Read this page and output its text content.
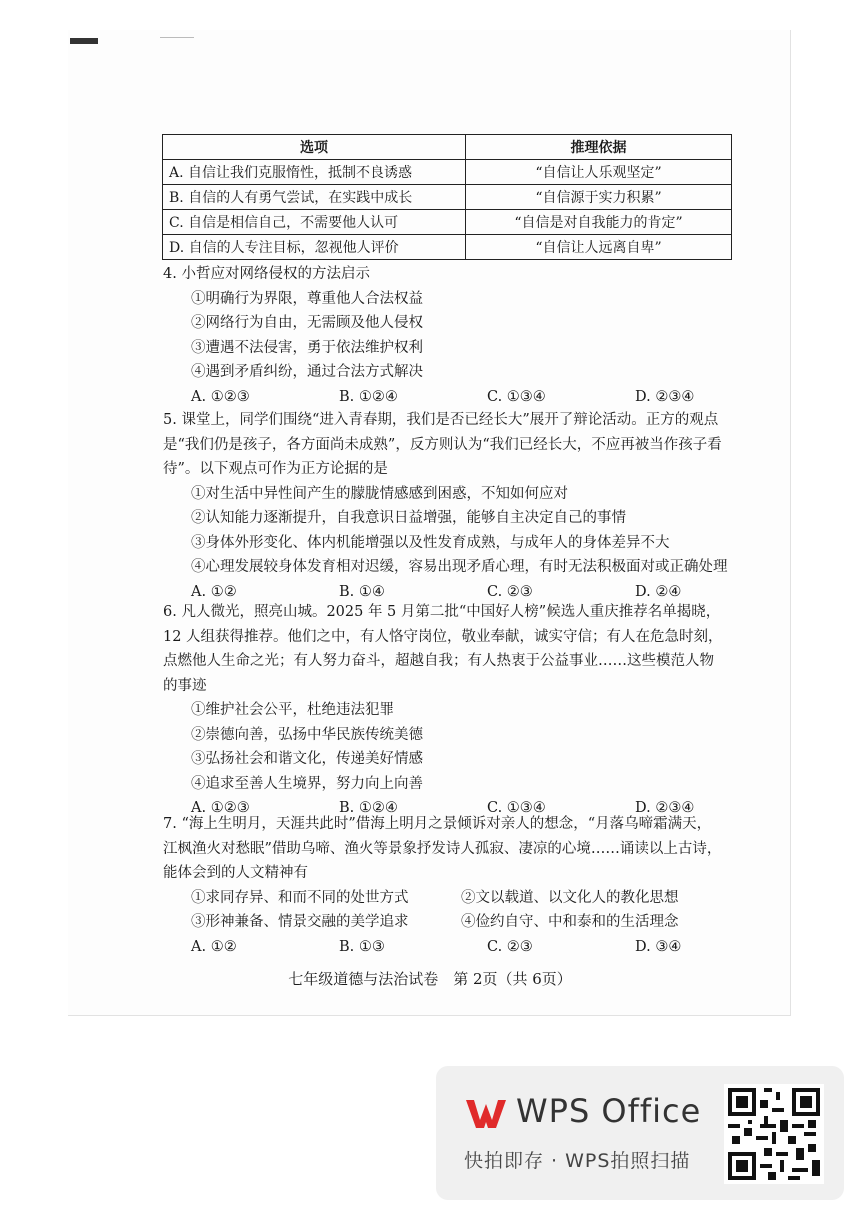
选项	推理依据
A. 自信让我们克服惰性，抵制不良诱惑	“自信让人乐观坚定”
B. 自信的人有勇气尝试，在实践中成长	“自信源于实力积累”
C. 自信是相信自己，不需要他人认可	“自信是对自我能力的肯定”
D. 自信的人专注目标，忽视他人评价	“自信让人远离自卑”
4. 小哲应对网络侵权的方法启示
①明确行为界限，尊重他人合法权益
②网络行为自由，无需顾及他人侵权
③遭遇不法侵害，勇于依法维护权利
④遇到矛盾纠纷，通过合法方式解决
A. ①②③	B. ①②④	C. ①③④	D. ②③④
5. 课堂上，同学们围绕“进入青春期，我们是否已经长大”展开了辩论活动。正方的观点是“我们仍是孩子，各方面尚未成熟”，反方则认为“我们已经长大，不应再被当作孩子看待”。以下观点可作为正方论据的是
①对生活中异性间产生的朦胧情感感到困惑，不知如何应对
②认知能力逐渐提升，自我意识日益增强，能够自主决定自己的事情
③身体外形变化、体内机能增强以及性发育成熟，与成年人的身体差异不大
④心理发展较身体发育相对迟缓，容易出现矛盾心理，有时无法积极面对或正确处理
A. ①②	B. ①④	C. ②③	D. ②④
6. 凡人微光，照亮山城。2025 年 5 月第二批“中国好人榜”候选人重庆推荐名单揭晓，12 人组获得推荐。他们之中，有人恪守岗位，敬业奉献，诚实守信；有人在危急时刻，点燃他人生命之光；有人努力奋斗，超越自我；有人热衷于公益事业……这些模范人物的事迹
①维护社会公平，杜绝违法犯罪
②崇德向善，弘扬中华民族传统美德
③弘扬社会和谐文化，传递美好情感
④追求至善人生境界，努力向上向善
A. ①②③	B. ①②④	C. ①③④	D. ②③④
7. “海上生明月，天涯共此时”借海上明月之景倾诉对亲人的想念，“月落乌啼霜满天，江枫渔火对愁眠”借助乌啼、渔火等景象抒发诗人孤寂、凄凉的心境……诵读以上古诗，能体会到的人文精神有
①求同存异、和而不同的处世方式	②文以载道、以文化人的教化思想
③形神兼备、情景交融的美学追求	④俭约自守、中和泰和的生活理念
A. ①②	B. ①③	C. ②③	D. ③④
七年级道德与法治试卷　第 2页（共 6页）
WPS Office
快拍即存 · WPS拍照扫描
